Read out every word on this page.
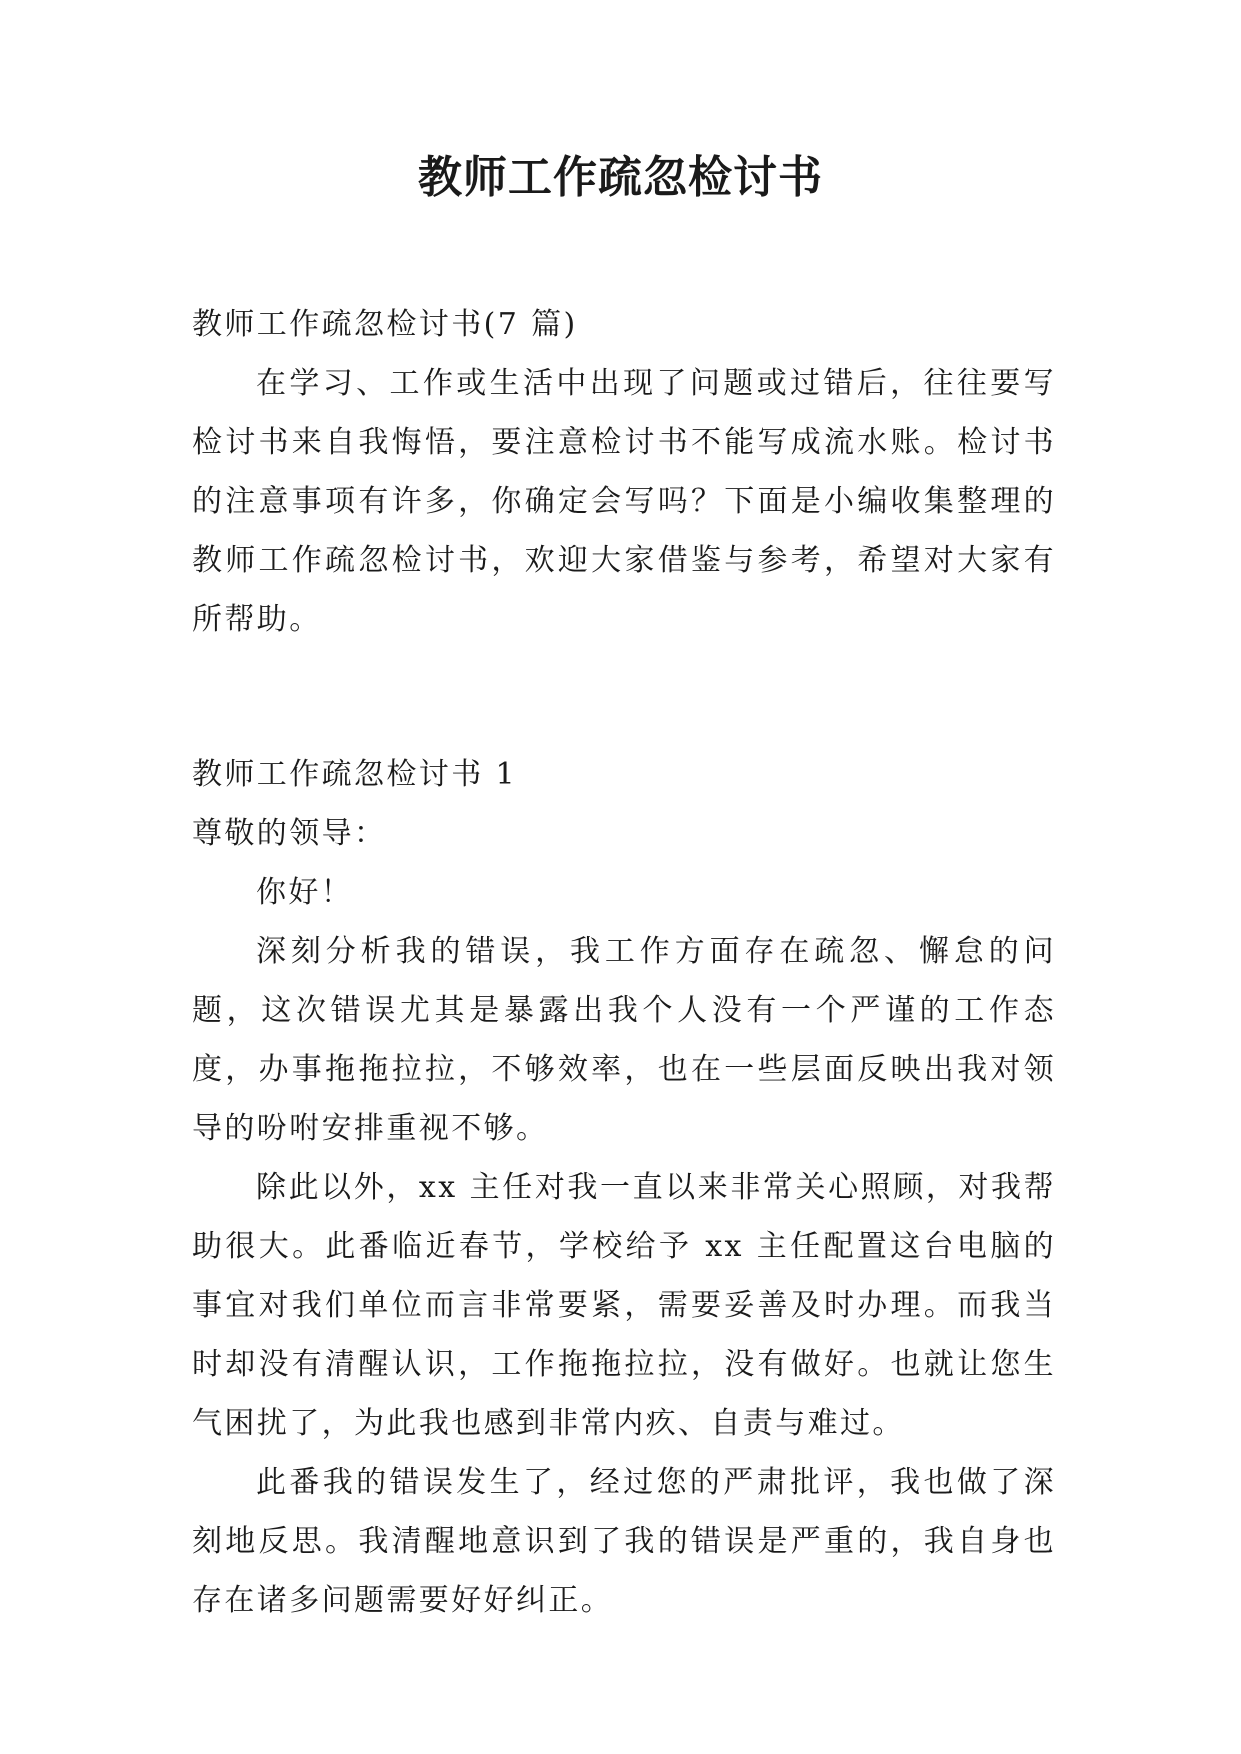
教师工作疏忽检讨书

教师工作疏忽检讨书(7 篇)

在学习、工作或生活中出现了问题或过错后，往往要写检讨书来自我悔悟，要注意检讨书不能写成流水账。检讨书的注意事项有许多，你确定会写吗？下面是小编收集整理的教师工作疏忽检讨书，欢迎大家借鉴与参考，希望对大家有所帮助。

教师工作疏忽检讨书 1

尊敬的领导：

你好！

深刻分析我的错误，我工作方面存在疏忽、懈怠的问题，这次错误尤其是暴露出我个人没有一个严谨的工作态度，办事拖拖拉拉，不够效率，也在一些层面反映出我对领导的吩咐安排重视不够。

除此以外，xx 主任对我一直以来非常关心照顾，对我帮助很大。此番临近春节，学校给予 xx 主任配置这台电脑的事宜对我们单位而言非常要紧，需要妥善及时办理。而我当时却没有清醒认识，工作拖拖拉拉，没有做好。也就让您生气困扰了，为此我也感到非常内疚、自责与难过。

此番我的错误发生了，经过您的严肃批评，我也做了深刻地反思。我清醒地意识到了我的错误是严重的，我自身也存在诸多问题需要好好纠正。
